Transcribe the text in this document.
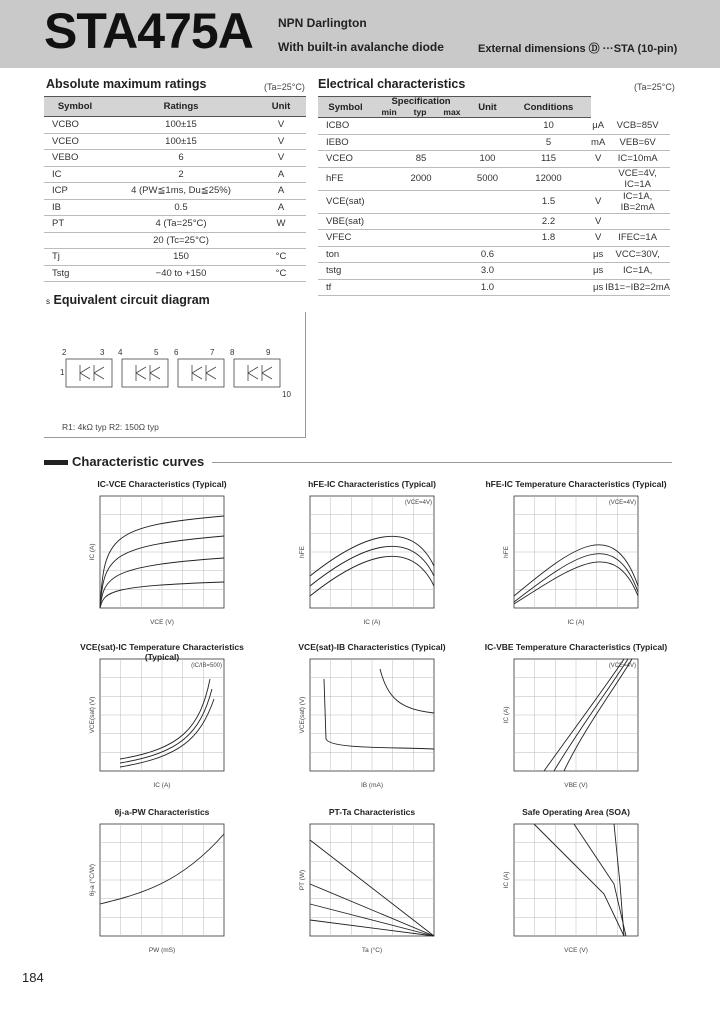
STA475A NPN Darlington
With built-in avalanche diode	External dimensions Ⓓ ···STA (10-pin)
Absolute maximum ratings	(Ta=25°C)
Symbol	Ratings	Unit
VCBO	100±15	V
VCEO	100±15	V
VEBO	6	V
IC	2	A
ICP	4 (PW≦1ms, Du≦25%)	A
IB	0.5	A
PT	4 (Ta=25°C)	W
	20 (Tc=25°C)	
Tj	150	°C
Tstg	−40 to +150	°C
Electrical characteristics	(Ta=25°C)
Symbol	Specification
min typ max	Unit	Conditions		
ICBO			10	μA	VCB=85V
IEBO			5	mA	VEB=6V
VCEO	85	100	115	V	IC=10mA
hFE	2000	5000	12000		VCE=4V, IC=1A
VCE(sat)			1.5	V	IC=1A, IB=2mA
VBE(sat)			2.2	V	
VFEC			1.8	V	IFEC=1A
ton		0.6		μs	VCC=30V,
tstg		3.0		μs	IC=1A,
tf		1.0		μs	IB1=−IB2=2mA
s Equivalent circuit diagram
2	3
1
4	5 6	7 8	9
10
R1: 4kΩ typ R2: 150Ω typ
Characteristic curves
IC-VCE Characteristics (Typical)
VCE (V)
IC (A)
hFE-IC Characteristics (Typical)
IC (A)
hFE
(VCE=4V)
hFE-IC Temperature Characteristics (Typical)
IC (A)
hFE
(VCE=4V)
VCE(sat)-IC Temperature Characteristics (Typical)
IC (A)
VCE(sat) (V)
(IC/IB=500)
VCE(sat)-IB Characteristics (Typical)
IB (mA)
VCE(sat) (V)
IC-VBE Temperature Characteristics (Typical)
VBE (V)
IC (A)
(VCE=4V)
θj-a-PW Characteristics
PW (mS)
θj-a (°C/W)
PT-Ta Characteristics
Ta (°C)
PT (W)
Safe Operating Area (SOA)
VCE (V)
IC (A)
184
